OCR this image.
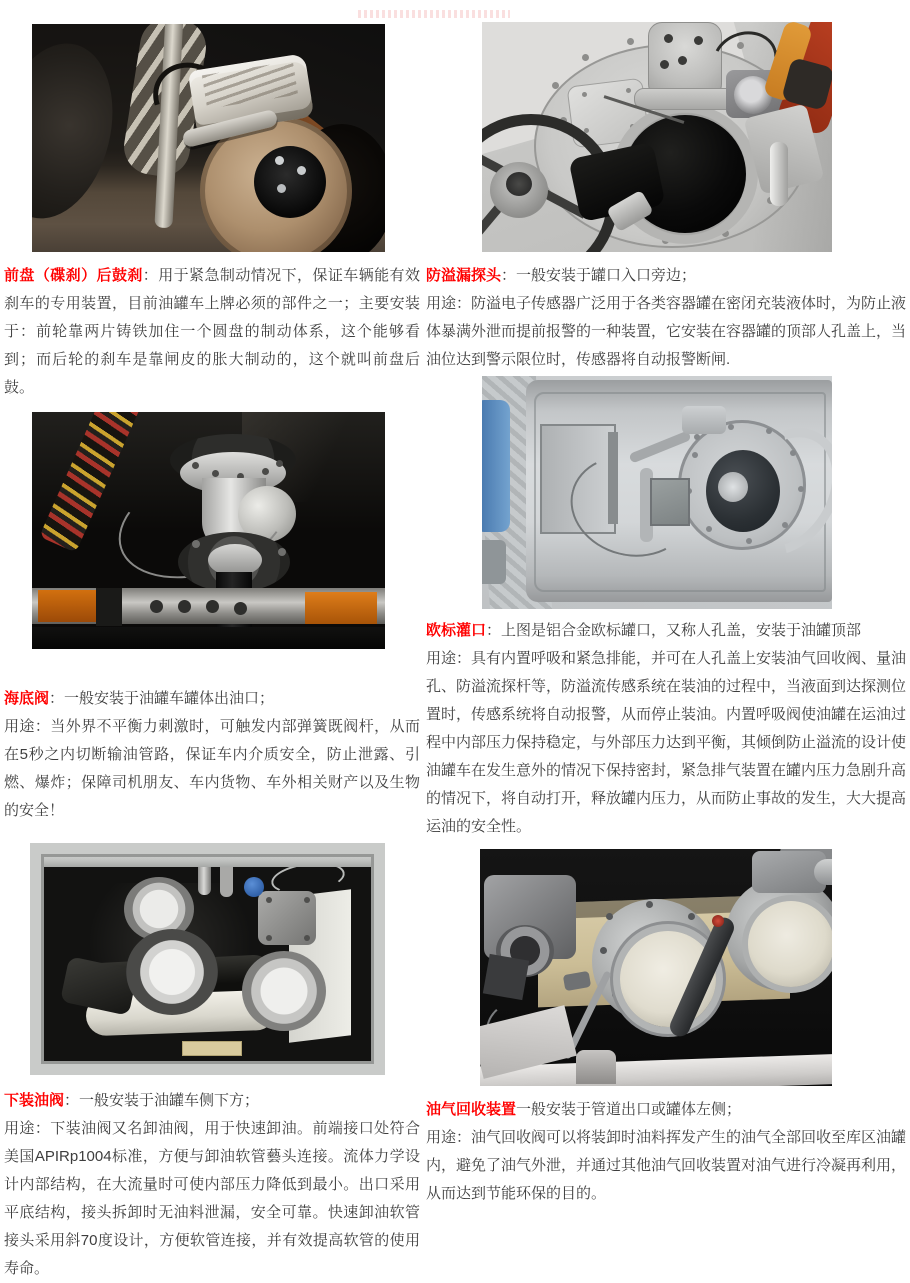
前盘（碟刹）后鼓刹：用于紧急制动情况下，保证车辆能有效刹车的专用装置，目前油罐车上牌必须的部件之一；主要安装于：前轮靠两片铸铁加住一个圆盘的制动体系，这个能够看到；而后轮的刹车是靠闸皮的胀大制动的，这个就叫前盘后鼓。

海底阀：一般安装于油罐车罐体出油口；

用途：当外界不平衡力刺激时，可触发内部弹簧既阀杆，从而在5秒之内切断输油管路，保证车内介质安全，防止泄露、引燃、爆炸；保障司机朋友、车内货物、车外相关财产以及生物的安全！

下装油阀：一般安装于油罐车侧下方；

用途：下装油阀又名卸油阀，用于快速卸油。前端接口处符合美国APIRp1004标准，方便与卸油软管藝头连接。流体力学设计内部结构，在大流量时可使内部压力降低到最小。出口采用平底结构，接头拆卸时无油料泄漏，安全可靠。快速卸油软管接头采用斜70度设计，方便软管连接，并有效提高软管的使用寿命。

防溢漏探头：一般安装于罐口入口旁边；

用途：防溢电子传感器广泛用于各类容器罐在密闭充装液体时，为防止液体暴满外泄而提前报警的一种装置，它安装在容器罐的顶部人孔盖上，当油位达到警示限位时，传感器将自动报警断闸.

欧标灌口：上图是铝合金欧标罐口，又称人孔盖，安装于油罐顶部

用途：具有内置呼吸和紧急排能，并可在人孔盖上安装油气回收阀、量油孔、防溢流探杆等，防溢流传感系统在装油的过程中，当液面到达探测位置时，传感系统将自动报警，从而停止装油。内置呼吸阀使油罐在运油过程中内部压力保持稳定，与外部压力达到平衡，其倾倒防止溢流的设计使油罐车在发生意外的情况下保持密封，紧急排气装置在罐内压力急剧升高的情况下，将自动打开，释放罐内压力，从而防止事故的发生，大大提高运油的安全性。

油气回收装置一般安装于管道出口或罐体左侧；

用途：油气回收阀可以将装卸时油料挥发产生的油气全部回收至库区油罐内，避免了油气外泄，并通过其他油气回收装置对油气进行冷凝再利用，从而达到节能环保的目的。
